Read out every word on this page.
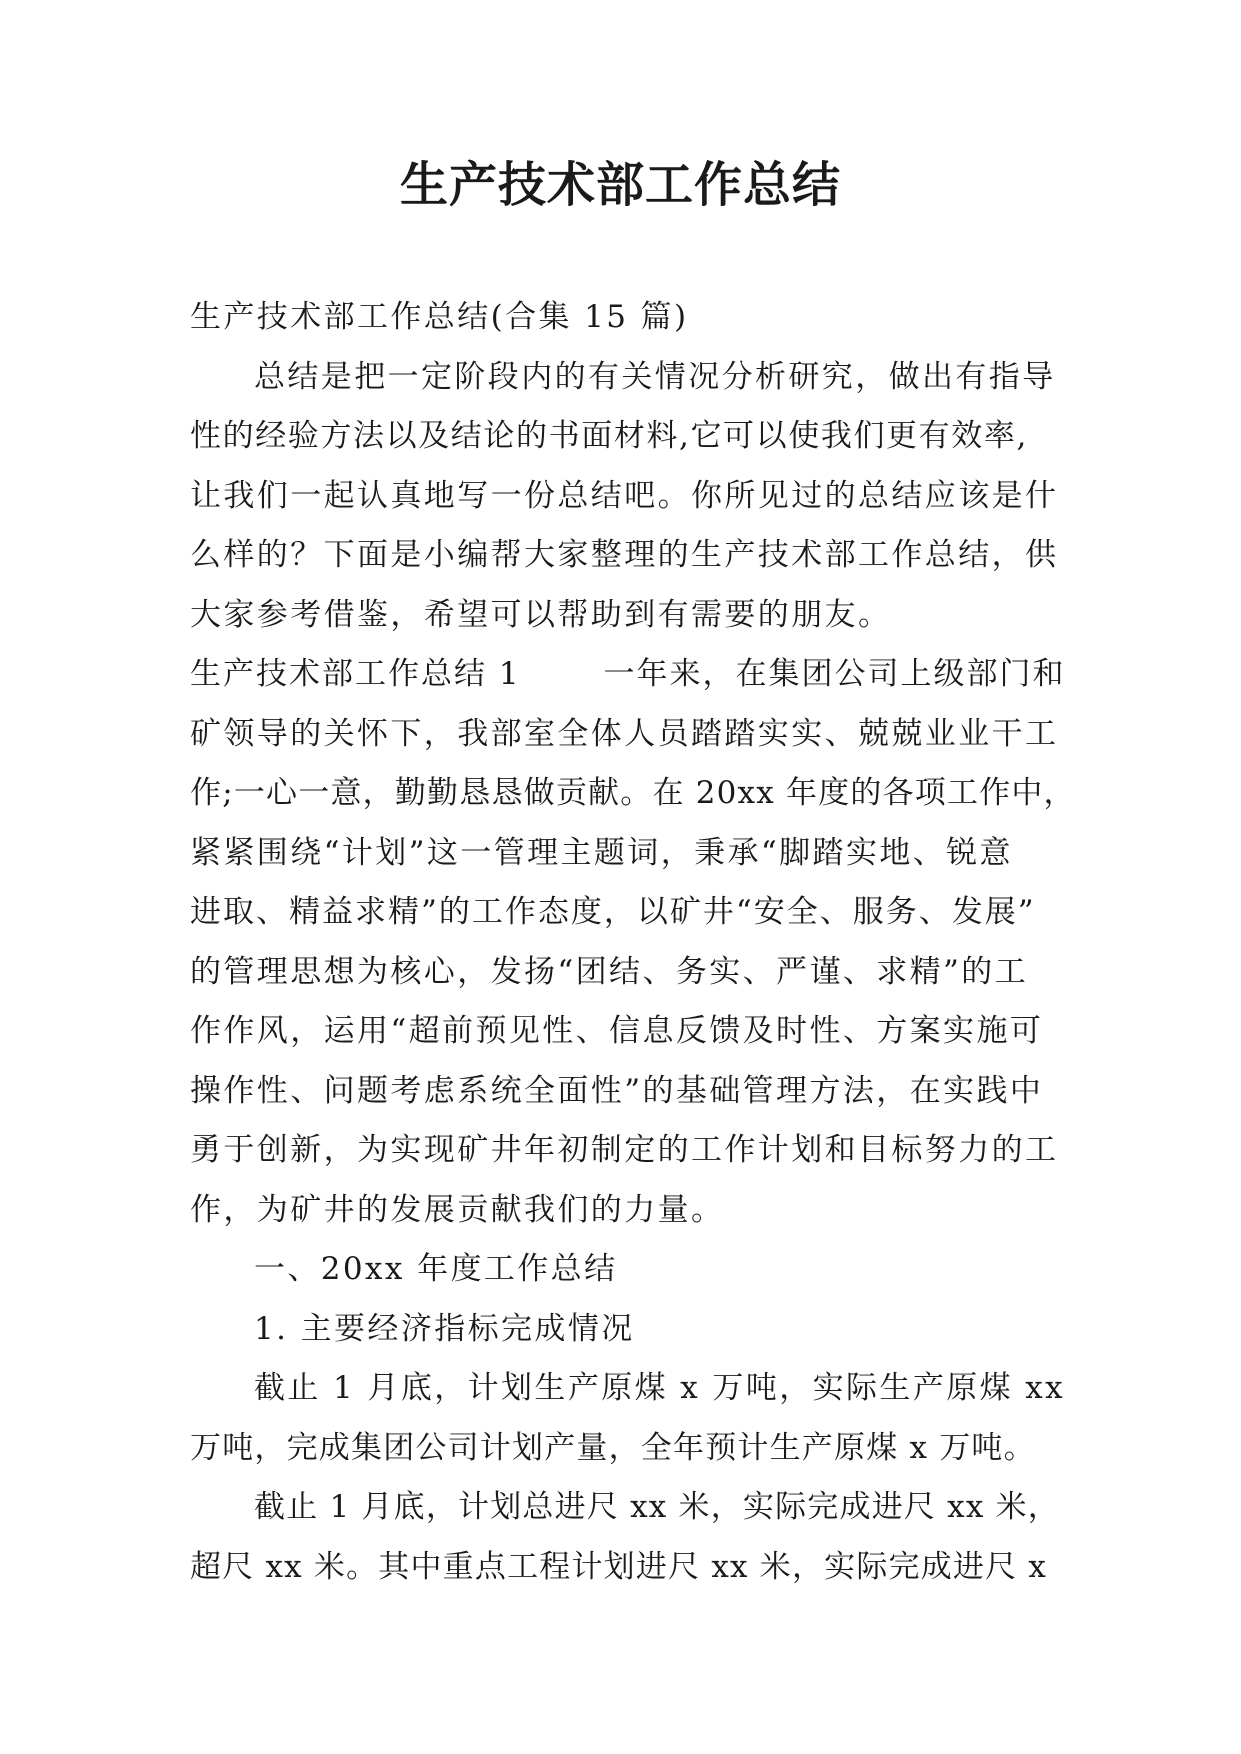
生产技术部工作总结
生产技术部工作总结(合集 15 篇)
总结是把一定阶段内的有关情况分析研究，做出有指导
性的经验方法以及结论的书面材料,它可以使我们更有效率,
让我们一起认真地写一份总结吧。你所见过的总结应该是什
么样的？下面是小编帮大家整理的生产技术部工作总结，供
大家参考借鉴，希望可以帮助到有需要的朋友。
生产技术部工作总结 1       一年来，在集团公司上级部门和
矿领导的关怀下，我部室全体人员踏踏实实、兢兢业业干工
作;一心一意，勤勤恳恳做贡献。在 20xx 年度的各项工作中，
紧紧围绕“计划”这一管理主题词，秉承“脚踏实地、锐意
进取、精益求精”的工作态度，以矿井“安全、服务、发展”
的管理思想为核心，发扬“团结、务实、严谨、求精”的工
作作风，运用“超前预见性、信息反馈及时性、方案实施可
操作性、问题考虑系统全面性”的基础管理方法，在实践中
勇于创新，为实现矿井年初制定的工作计划和目标努力的工
作，为矿井的发展贡献我们的力量。
一、20xx 年度工作总结
1. 主要经济指标完成情况
截止 1 月底，计划生产原煤 x 万吨，实际生产原煤 xx
万吨，完成集团公司计划产量，全年预计生产原煤 x 万吨。
截止 1 月底，计划总进尺 xx 米，实际完成进尺 xx 米，
超尺 xx 米。其中重点工程计划进尺 xx 米，实际完成进尺 x
